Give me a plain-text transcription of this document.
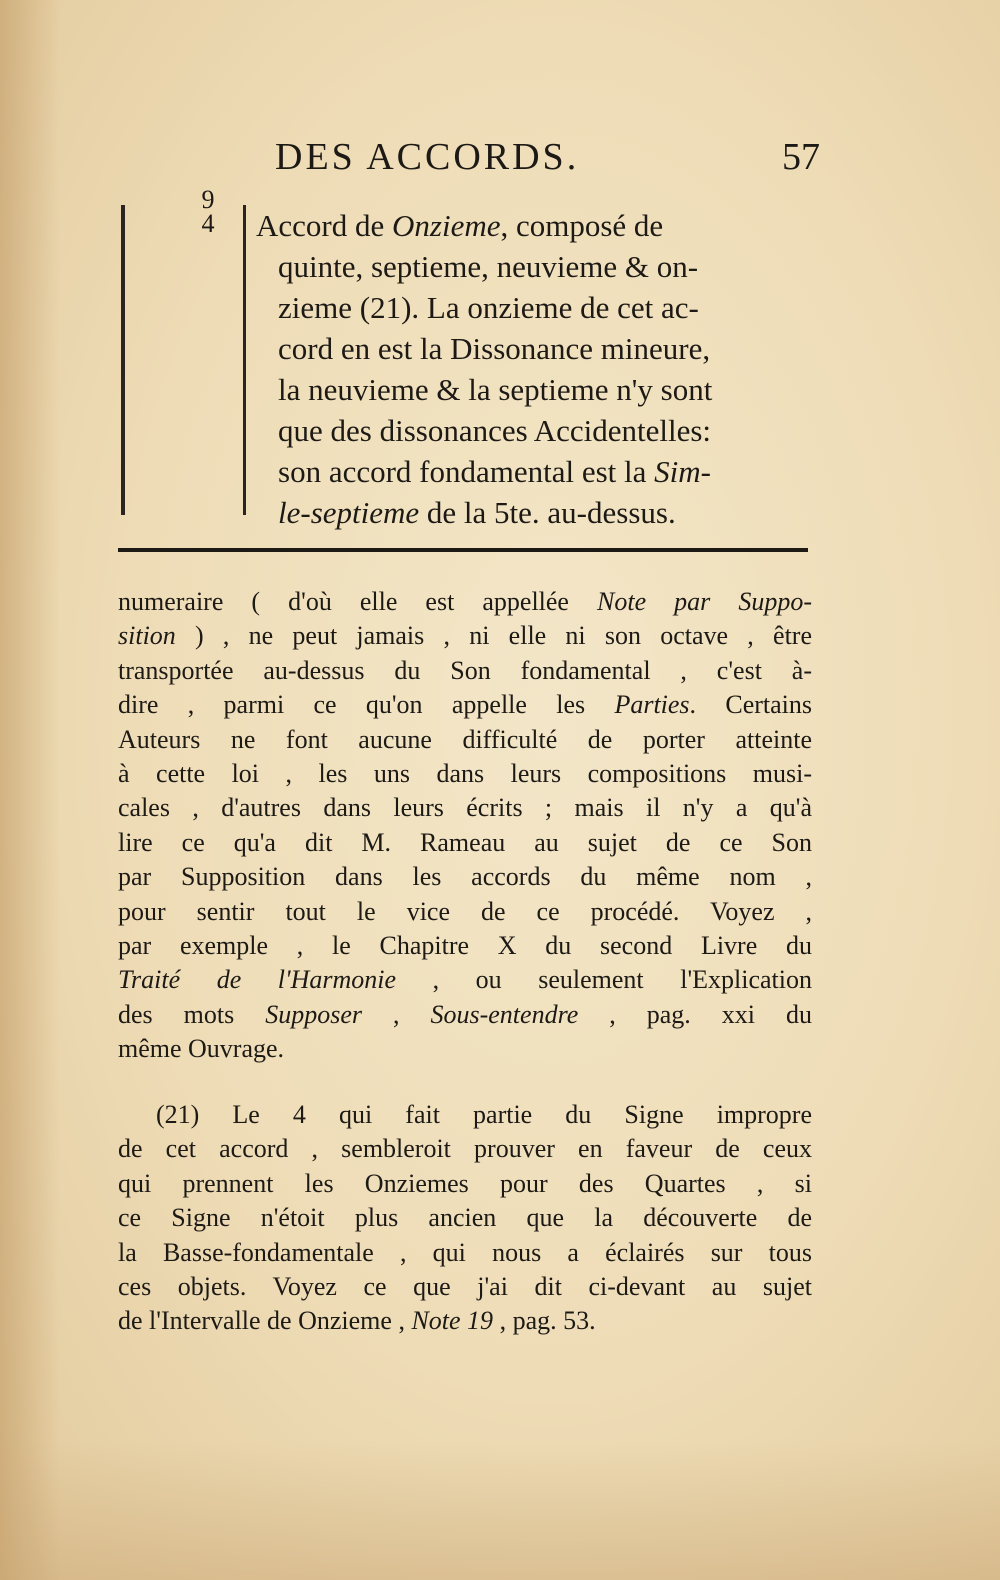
DES ACCORDS.	57
9
4 Accord de Onzieme, composé de
quinte, septieme, neuvieme & on-
zieme (21). La onzieme de cet ac-
cord en est la Dissonance mineure,
la neuvieme & la septieme n'y sont
que des dissonances Accidentelles:
son accord fondamental est la Sim-
le-septieme de la 5te. au-dessus.
numeraire ( d'où elle est appellée Note par Suppo-
sition ) , ne peut jamais , ni elle ni son octave , être
transportée au-dessus du Son fondamental , c'est à-
dire , parmi ce qu'on appelle les Parties. Certains
Auteurs ne font aucune difficulté de porter atteinte
à cette loi , les uns dans leurs compositions musi-
cales , d'autres dans leurs écrits ; mais il n'y a qu'à
lire ce qu'a dit M. Rameau au sujet de ce Son
par Supposition dans les accords du même nom ,
pour sentir tout le vice de ce procédé. Voyez ,
par exemple , le Chapitre X du second Livre du
Traité de l'Harmonie , ou seulement l'Explication
des mots Supposer , Sous-entendre , pag. xxi du
même Ouvrage.
(21) Le 4 qui fait partie du Signe impropre
de cet accord , sembleroit prouver en faveur de ceux
qui prennent les Onziemes pour des Quartes , si
ce Signe n'étoit plus ancien que la découverte de
la Basse-fondamentale , qui nous a éclairés sur tous
ces objets. Voyez ce que j'ai dit ci-devant au sujet
de l'Intervalle de Onzieme , Note 19 , pag. 53.
